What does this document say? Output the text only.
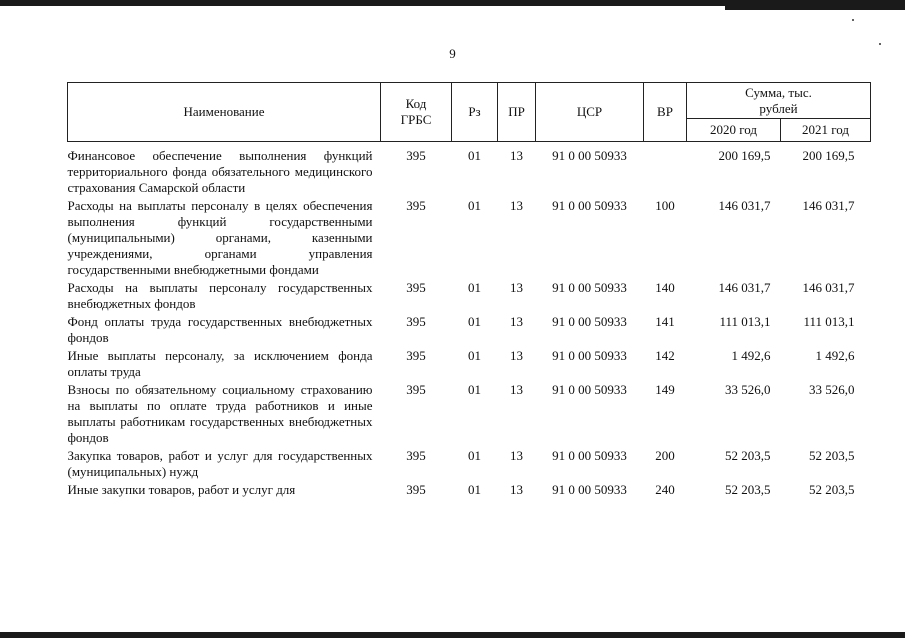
9
Наименование	Код ГРБС	Рз	ПР	ЦСР	ВР	Сумма, тыс. рублей	
						2020 год	2021 год
Финансовое обеспечение выполнения функций территориального фонда обязательного медицинского страхования Самарской области	395	01	13	91 0 00 50933		200 169,5	200 169,5
Расходы на выплаты персоналу в целях обеспечения выполнения функций государственными (муниципальными) органами, казенными учреждениями, органами управления государственными внебюджетными фондами	395	01	13	91 0 00 50933	100	146 031,7	146 031,7
Расходы на выплаты персоналу государственных внебюджетных фондов	395	01	13	91 0 00 50933	140	146 031,7	146 031,7
Фонд оплаты труда государственных внебюджетных фондов	395	01	13	91 0 00 50933	141	111 013,1	111 013,1
Иные выплаты персоналу, за исключением фонда оплаты труда	395	01	13	91 0 00 50933	142	1 492,6	1 492,6
Взносы по обязательному социальному страхованию на выплаты по оплате труда работников и иные выплаты работникам государственных внебюджетных фондов	395	01	13	91 0 00 50933	149	33 526,0	33 526,0
Закупка товаров, работ и услуг для государственных (муниципальных) нужд	395	01	13	91 0 00 50933	200	52 203,5	52 203,5
Иные закупки товаров, работ и услуг для	395	01	13	91 0 00 50933	240	52 203,5	52 203,5
